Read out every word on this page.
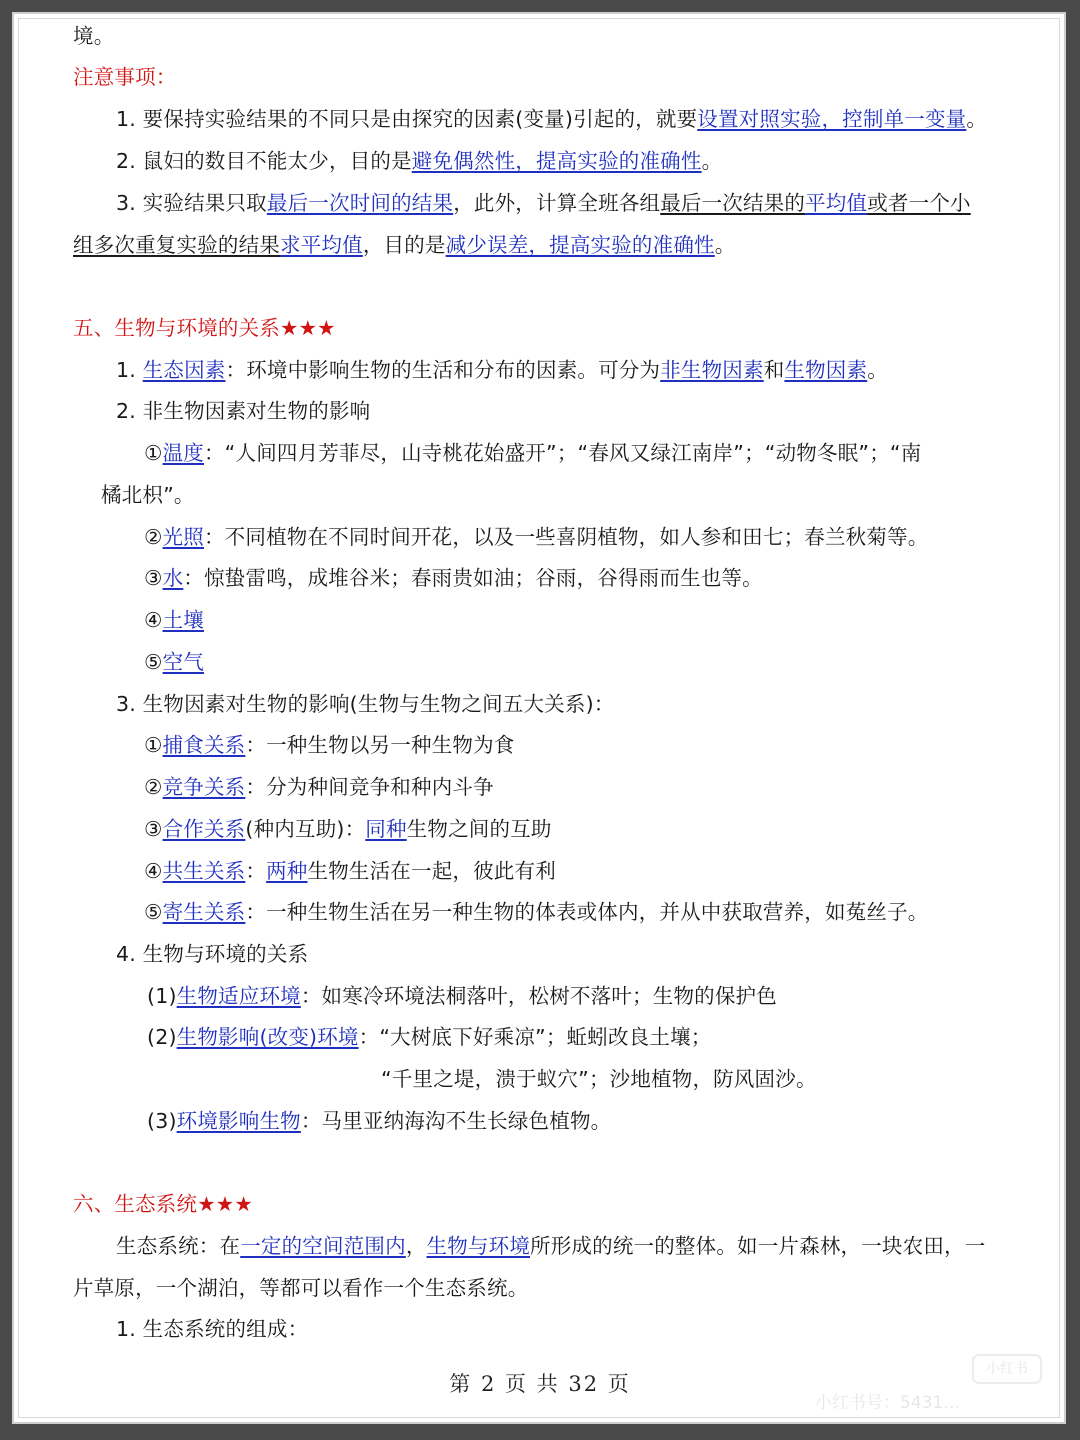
境。
注意事项：
1. 要保持实验结果的不同只是由探究的因素(变量)引起的，就要设置对照实验，控制单一变量。
2. 鼠妇的数目不能太少，目的是避免偶然性，提高实验的准确性。
3. 实验结果只取最后一次时间的结果，此外，计算全班各组最后一次结果的平均值或者一个小
组多次重复实验的结果求平均值，目的是减少误差，提高实验的准确性。
五、生物与环境的关系★★★
1. 生态因素：环境中影响生物的生活和分布的因素。可分为非生物因素和生物因素。
2. 非生物因素对生物的影响
①温度：“人间四月芳菲尽，山寺桃花始盛开”；“春风又绿江南岸”；“动物冬眠”；“南
橘北枳”。
②光照：不同植物在不同时间开花，以及一些喜阴植物，如人参和田七；春兰秋菊等。
③水：惊蛰雷鸣，成堆谷米；春雨贵如油；谷雨，谷得雨而生也等。
④土壤
⑤空气
3. 生物因素对生物的影响(生物与生物之间五大关系)：
①捕食关系：一种生物以另一种生物为食
②竞争关系：分为种间竞争和种内斗争
③合作关系(种内互助)：同种生物之间的互助
④共生关系：两种生物生活在一起，彼此有利
⑤寄生关系：一种生物生活在另一种生物的体表或体内，并从中获取营养，如菟丝子。
4. 生物与环境的关系
(1)生物适应环境：如寒冷环境法桐落叶，松树不落叶；生物的保护色
(2)生物影响(改变)环境：“大树底下好乘凉”；蚯蚓改良土壤；
“千里之堤，溃于蚁穴”；沙地植物，防风固沙。
(3)环境影响生物：马里亚纳海沟不生长绿色植物。
六、生态系统★★★
生态系统：在一定的空间范围内，生物与环境所形成的统一的整体。如一片森林，一块农田，一
片草原，一个湖泊，等都可以看作一个生态系统。
1. 生态系统的组成：
第 2 页 共 32 页
小红书
小红书号：5431…
